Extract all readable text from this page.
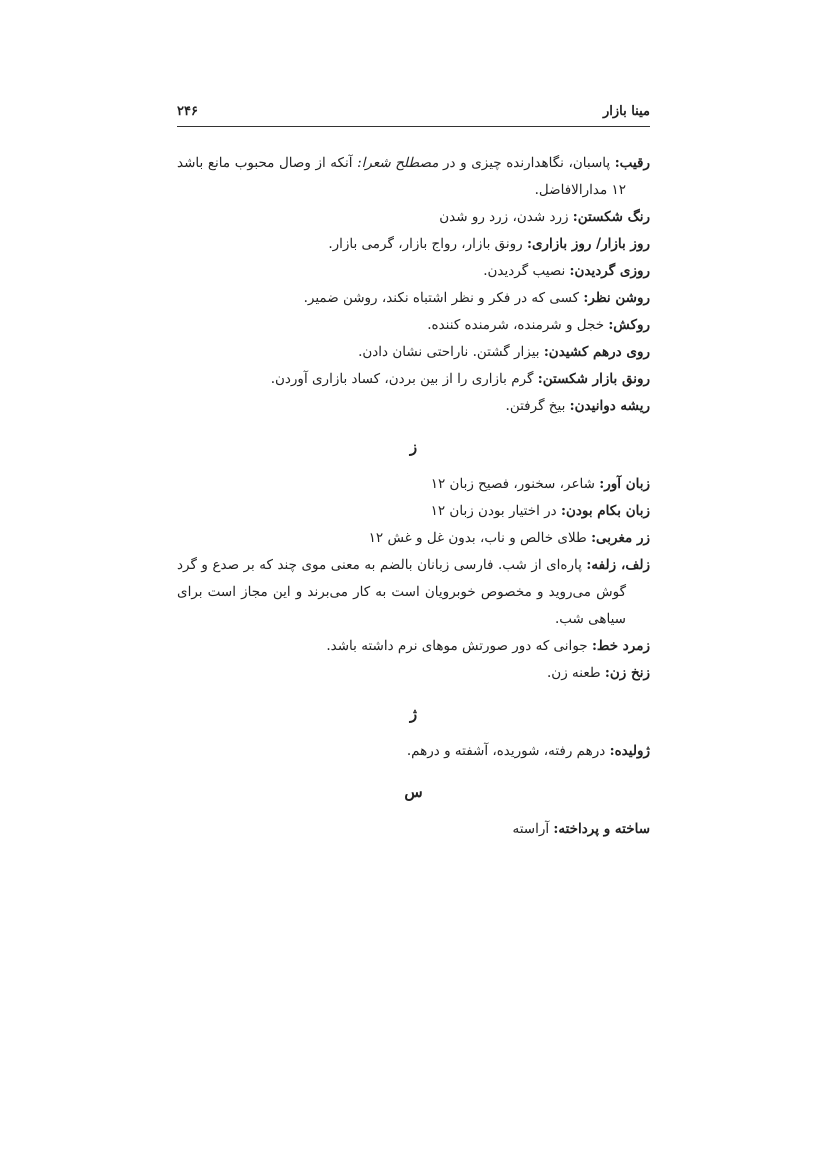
مینا بازار
۲۴۶

رقیب: پاسبان، نگاهدارنده چیزی و در مصطلح شعرا: آنکه از وصال محبوب مانع باشد ۱۲ مدارالافاضل.

رنگ شکستن: زرد شدن، زرد رو شدن

روز بازار/ روز بازاری: رونق بازار، رواج بازار، گرمی بازار.

روزی گردیدن: نصیب گردیدن.

روشن نظر: کسی که در فکر و نظر اشتباه نکند، روشن ضمیر.

روکش: خجل و شرمنده، شرمنده کننده.

روی درهم کشیدن: بیزار گشتن. ناراحتی نشان دادن.

رونق بازار شکستن: گرم بازاری را از بین بردن، کساد بازاری آوردن.

ریشه دوانیدن: بیخ گرفتن.

ز

زبان آور: شاعر، سخنور، فصیح زبان ۱۲

زبان بکام بودن: در اختیار بودن زبان ۱۲

زر مغربی: طلای خالص و ناب، بدون غل و غش ۱۲

زلف، زلفه: پاره‌ای از شب. فارسی زبانان بالضم به معنی موی چند که بر صدع و گرد گوش می‌روید و مخصوص خوبرویان است به کار می‌برند و این مجاز است برای سیاهی شب.

زمرد خط: جوانی که دور صورتش موهای نرم داشته باشد.

زنخ زن: طعنه زن.

ژ

ژولیده: درهم رفته، شوریده، آشفته و درهم.

س

ساخته و پرداخته: آراسته
